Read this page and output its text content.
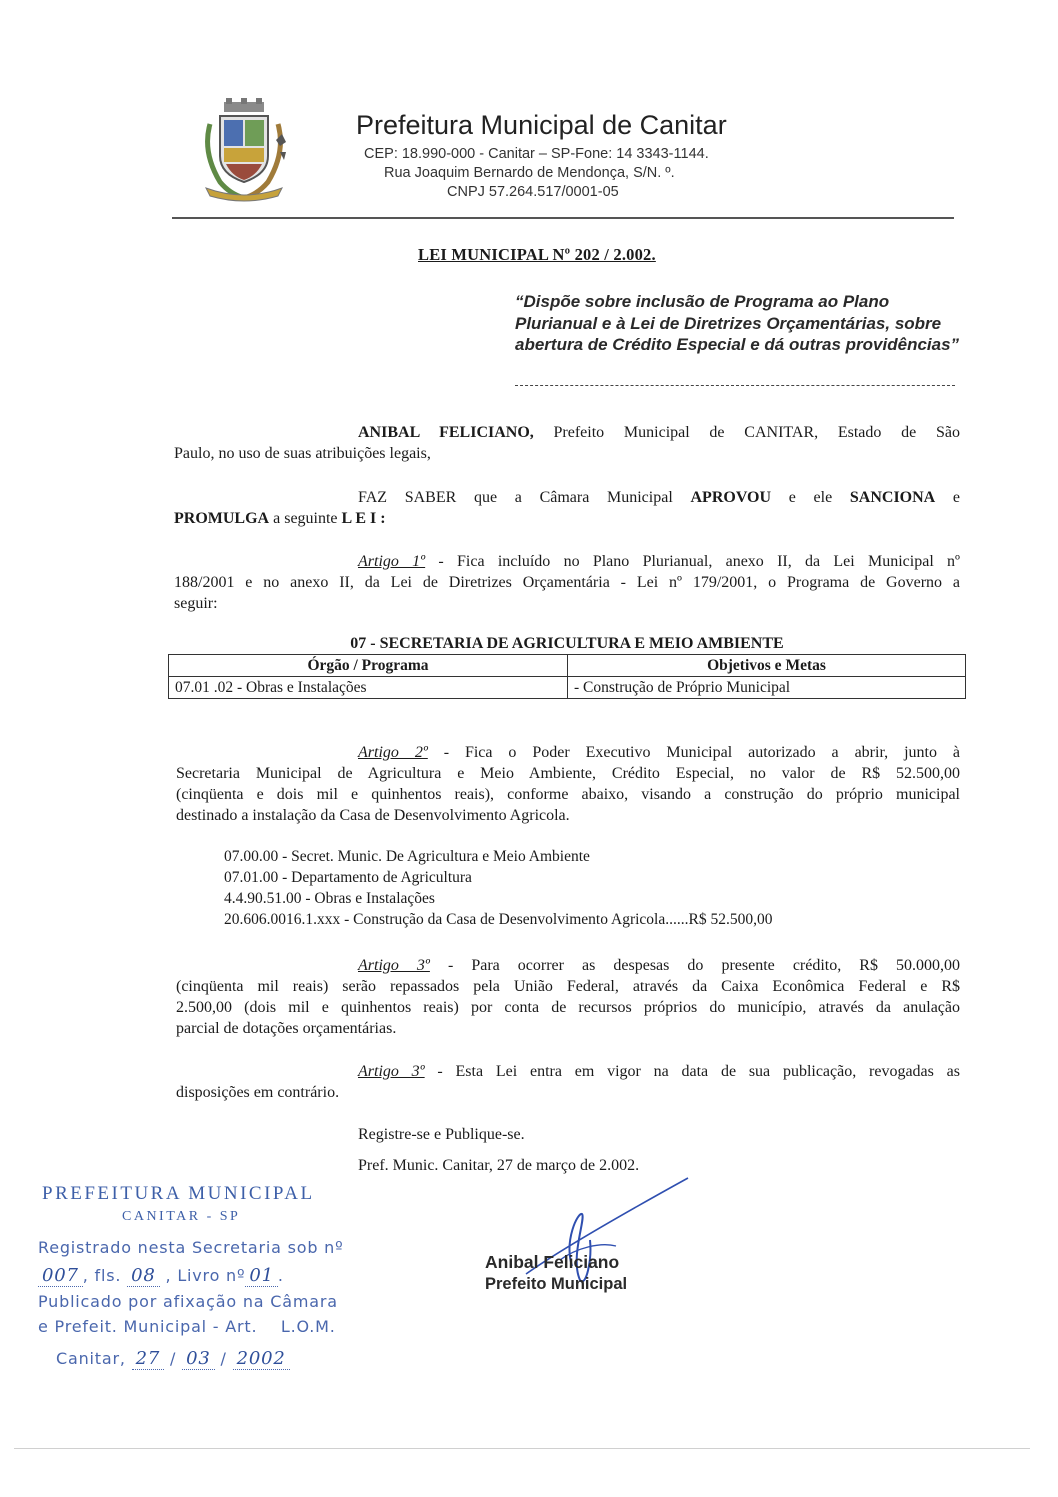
Prefeitura Municipal de Canitar
CEP: 18.990-000 - Canitar – SP-Fone: 14 3343-1144.
Rua Joaquim Bernardo de Mendonça, S/N. º.
CNPJ 57.264.517/0001-05
LEI MUNICIPAL Nº 202 / 2.002.
“Dispõe sobre inclusão de Programa ao Plano Plurianual e à Lei de Diretrizes Orçamentárias, sobre abertura de Crédito Especial e dá outras providências”
ANIBAL FELICIANO, Prefeito Municipal de CANITAR, Estado de São
Paulo, no uso de suas atribuições legais,
FAZ SABER que a Câmara Municipal APROVOU e ele SANCIONA e
PROMULGA a seguinte L E I :
Artigo 1º - Fica incluído no Plano Plurianual, anexo II, da Lei Municipal nº
188/2001 e no anexo II, da Lei de Diretrizes Orçamentária - Lei nº 179/2001, o Programa de Governo a
seguir:
07 - SECRETARIA DE AGRICULTURA E MEIO AMBIENTE
Órgão / Programa	Objetivos e Metas
07.01 .02 - Obras e Instalações	- Construção de Próprio Municipal
Artigo 2º - Fica o Poder Executivo Municipal autorizado a abrir, junto à
Secretaria Municipal de Agricultura e Meio Ambiente, Crédito Especial, no valor de R$ 52.500,00
(cinqüenta e dois mil e quinhentos reais), conforme abaixo, visando a construção do próprio municipal
destinado a instalação da Casa de Desenvolvimento Agricola.
07.00.00 - Secret. Munic. De Agricultura e Meio Ambiente
07.01.00 - Departamento de Agricultura
4.4.90.51.00 - Obras e Instalações
20.606.0016.1.xxx - Construção da Casa de Desenvolvimento Agricola......R$ 52.500,00
Artigo 3º - Para ocorrer as despesas do presente crédito, R$ 50.000,00
(cinqüenta mil reais) serão repassados pela União Federal, através da Caixa Econômica Federal e R$
2.500,00 (dois mil e quinhentos reais) por conta de recursos próprios do município, através da anulação
parcial de dotações orçamentárias.
Artigo 3º - Esta Lei entra em vigor na data de sua publicação, revogadas as
disposições em contrário.
Registre-se e Publique-se.
Pref. Munic. Canitar, 27 de março de 2.002.
Anibal Feliciano
Prefeito Municipal
PREFEITURA MUNICIPAL
CANITAR - SP
Registrado nesta Secretaria sob nº
007 , fls. 08 , Livro nº 01 .
Publicado por afixação na Câmara
e Prefeit. Municipal - Art. L.O.M.
Canitar, 27 / 03 / 2002
